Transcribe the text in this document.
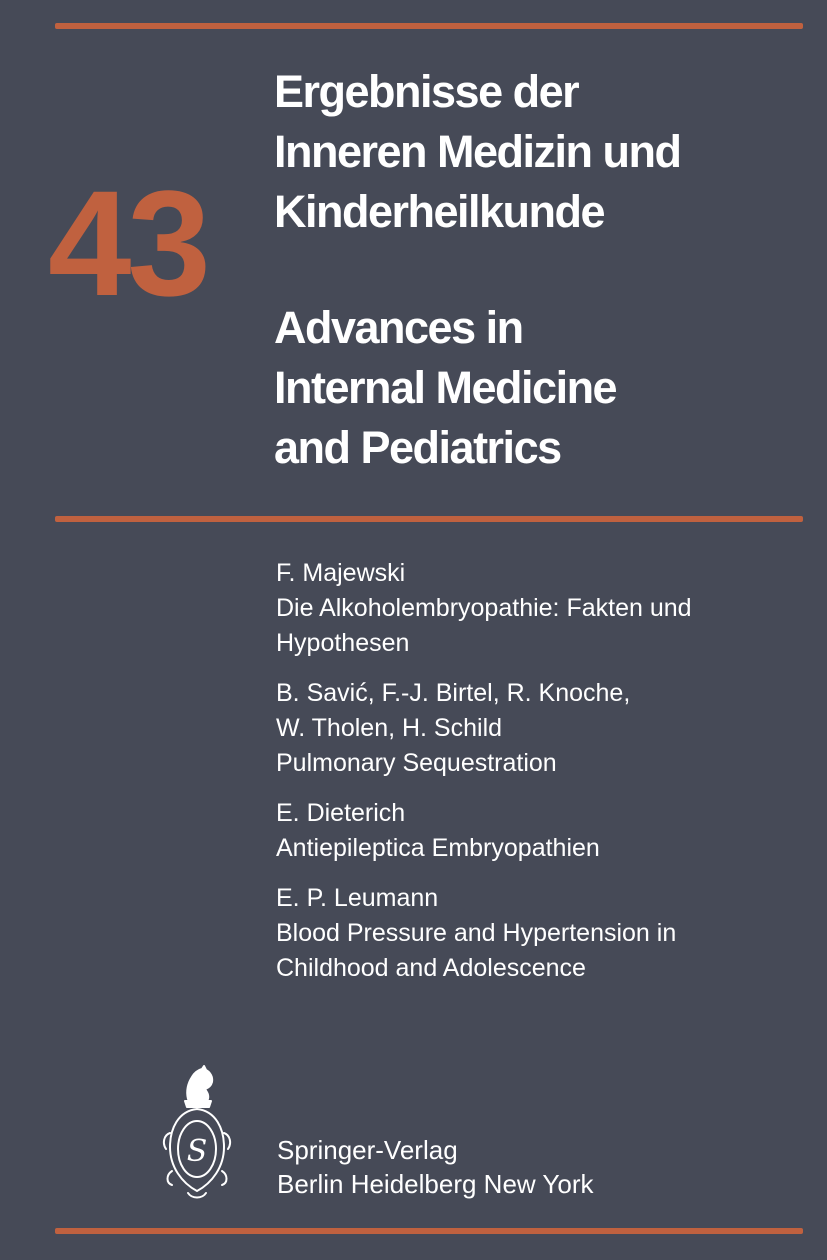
43
Ergebnisse der
Inneren Medizin und
Kinderheilkunde
Advances in
Internal Medicine
and Pediatrics
F. Majewski
Die Alkoholembryopathie: Fakten und
Hypothesen
B. Savić, F.-J. Birtel, R. Knoche,
W. Tholen, H. Schild
Pulmonary Sequestration
E. Dieterich
Antiepileptica Embryopathien
E. P. Leumann
Blood Pressure and Hypertension in
Childhood and Adolescence
S	Springer-Verlag
Berlin Heidelberg New York
